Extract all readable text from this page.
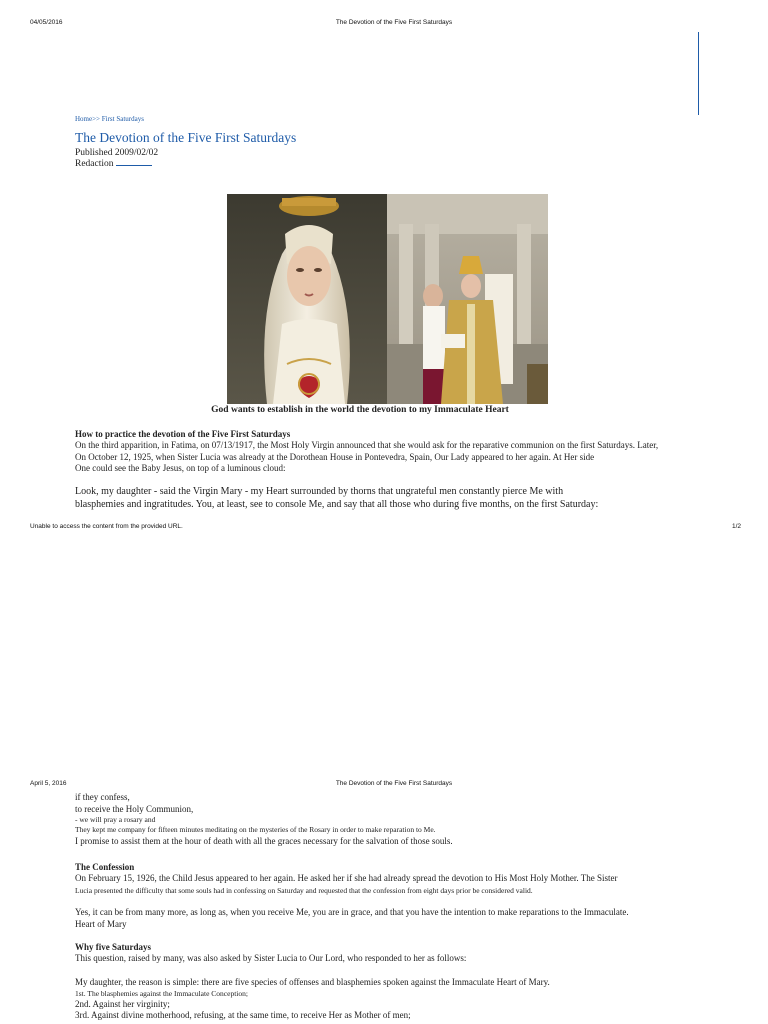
04/05/2016	The Devotion of the Five First Saturdays
Home>> First Saturdays
The Devotion of the Five First Saturdays
Published 2009/02/02
Redaction
God wants to establish in the world the devotion to my Immaculate Heart
How to practice the devotion of the Five First Saturdays
On the third apparition, in Fatima, on 07/13/1917, the Most Holy Virgin announced that she would ask for the reparative communion on the first Saturdays. Later,
On October 12, 1925, when Sister Lucia was already at the Dorothean House in Pontevedra, Spain, Our Lady appeared to her again. At Her side
One could see the Baby Jesus, on top of a luminous cloud:
Look, my daughter - said the Virgin Mary - my Heart surrounded by thorns that ungrateful men constantly pierce Me with
blasphemies and ingratitudes. You, at least, see to console Me, and say that all those who during five months, on the first Saturday:
Unable to access the content from the provided URL.	1/2
April 5, 2016	The Devotion of the Five First Saturdays
if they confess,
to receive the Holy Communion,
- we will pray a rosary and
They kept me company for fifteen minutes meditating on the mysteries of the Rosary in order to make reparation to Me.
I promise to assist them at the hour of death with all the graces necessary for the salvation of those souls.
The Confession
On February 15, 1926, the Child Jesus appeared to her again. He asked her if she had already spread the devotion to His Most Holy Mother. The Sister
Lucia presented the difficulty that some souls had in confessing on Saturday and requested that the confession from eight days prior be considered valid.
Yes, it can be from many more, as long as, when you receive Me, you are in grace, and that you have the intention to make reparations to the Immaculate.
Heart of Mary
Why five Saturdays
This question, raised by many, was also asked by Sister Lucia to Our Lord, who responded to her as follows:
My daughter, the reason is simple: there are five species of offenses and blasphemies spoken against the Immaculate Heart of Mary.
1st. The blasphemies against the Immaculate Conception;
2nd. Against her virginity;
3rd. Against divine motherhood, refusing, at the same time, to receive Her as Mother of men;
